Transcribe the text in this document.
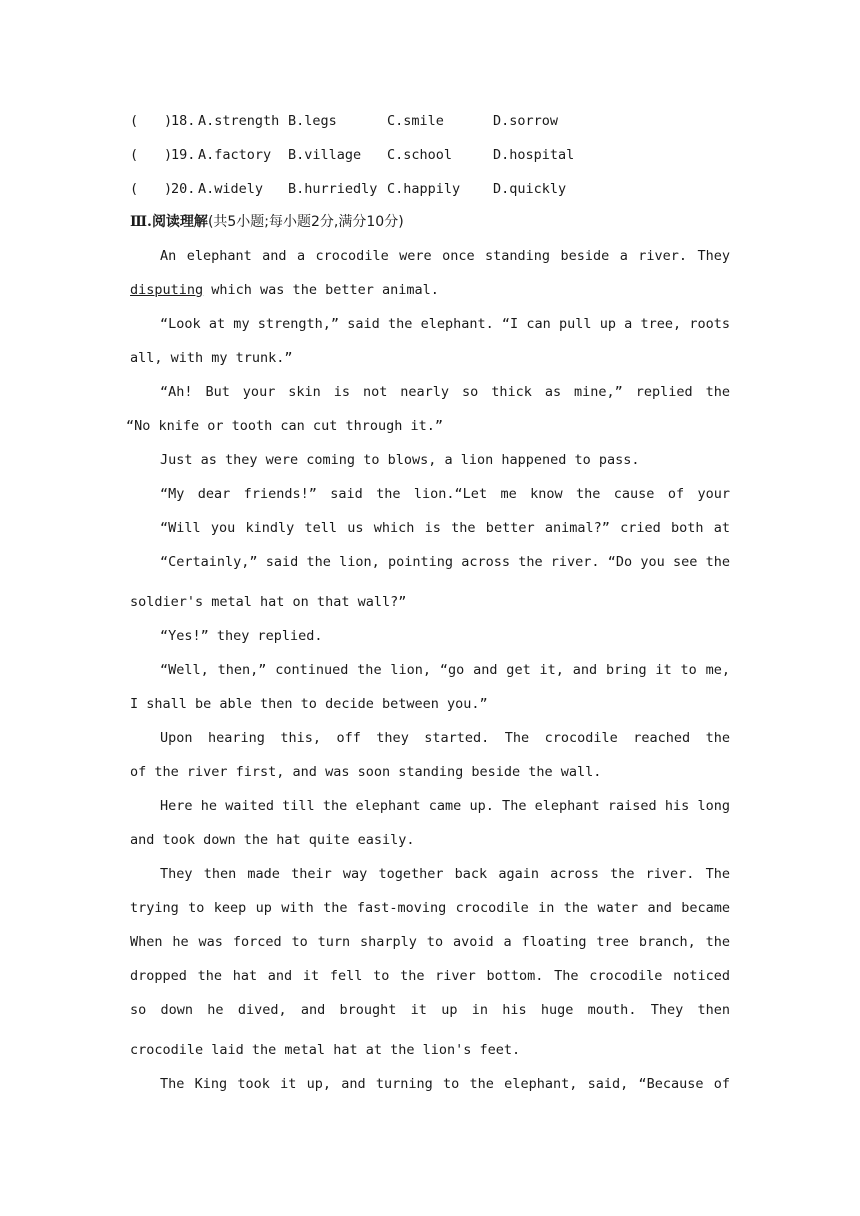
( )
18. A.strength B.legs	C.smile	D.sorrow
( )
19. A.factory B.village C.school	D.hospital
( )
20. A.widely B.hurriedly C.happily D.quickly
Ⅲ.阅读理解(共5小题;每小题2分,满分10分)
An elephant and a crocodile were once standing beside a river. They
disputing which was the better animal.
“Look at my strength,” said the elephant. “I can pull up a tree, roots
all, with my trunk.”
“Ah! But your skin is not nearly so thick as mine,” replied the
“No knife or tooth can cut through it.”
Just as they were coming to blows, a lion happened to pass.
“My dear friends!” said the lion.“Let me know the cause of your
“Will you kindly tell us which is the better animal?” cried both at
“Certainly,” said the lion, pointing across the river. “Do you see the
soldier's metal hat on that wall?”
“Yes!” they replied.
“Well, then,” continued the lion, “go and get it, and bring it to me,
I shall be able then to decide between you.”
Upon hearing this, off they started. The crocodile reached the
of the river first, and was soon standing beside the wall.
Here he waited till the elephant came up. The elephant raised his long
and took down the hat quite easily.
They then made their way together back again across the river. The
trying to keep up with the fast-moving crocodile in the water and became
When he was forced to turn sharply to avoid a floating tree branch, the
dropped the hat and it fell to the river bottom. The crocodile noticed
so down he dived, and brought it up in his huge mouth. They then
crocodile laid the metal hat at the lion's feet.
The King took it up, and turning to the elephant, said, “Because of
